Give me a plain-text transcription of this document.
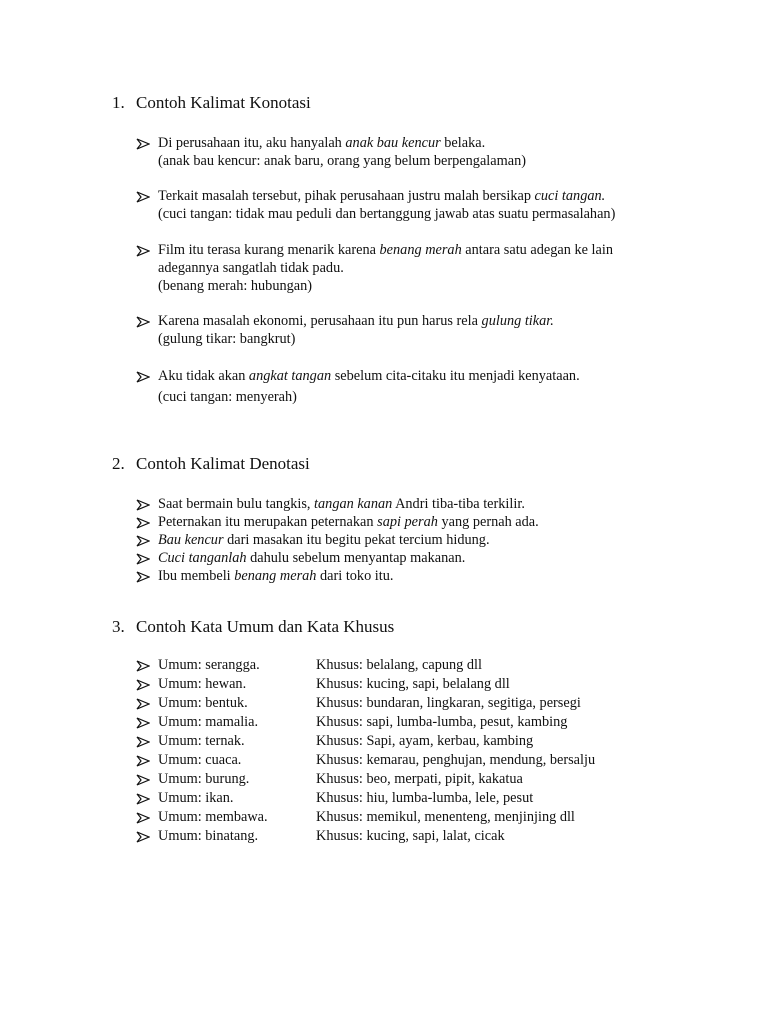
1. Contoh Kalimat Konotasi
Di perusahaan itu, aku hanyalah anak bau kencur belaka.
(anak bau kencur: anak baru, orang yang belum berpengalaman)
Terkait masalah tersebut, pihak perusahaan justru malah bersikap cuci tangan.
(cuci tangan: tidak mau peduli dan bertanggung jawab atas suatu permasalahan)
Film itu terasa kurang menarik karena benang merah antara satu adegan ke lain
adegannya sangatlah tidak padu.
(benang merah: hubungan)
Karena masalah ekonomi, perusahaan itu pun harus rela gulung tikar.
(gulung tikar: bangkrut)
Aku tidak akan angkat tangan sebelum cita-citaku itu menjadi kenyataan.
(cuci tangan: menyerah)
2. Contoh Kalimat Denotasi
Saat bermain bulu tangkis, tangan kanan Andri tiba-tiba terkilir.
Peternakan itu merupakan peternakan sapi perah yang pernah ada.
Bau kencur dari masakan itu begitu pekat tercium hidung.
Cuci tanganlah dahulu sebelum menyantap makanan.
Ibu membeli benang merah dari toko itu.
3. Contoh Kata Umum dan Kata Khusus
Umum: serangga.	Khusus: belalang, capung dll
Umum: hewan.	Khusus: kucing, sapi, belalang dll
Umum: bentuk.	Khusus: bundaran, lingkaran, segitiga, persegi
Umum: mamalia.	Khusus: sapi, lumba-lumba, pesut, kambing
Umum: ternak.	Khusus: Sapi, ayam, kerbau, kambing
Umum: cuaca.	Khusus: kemarau, penghujan, mendung, bersalju
Umum: burung.	Khusus: beo, merpati, pipit, kakatua
Umum: ikan.	Khusus: hiu, lumba-lumba, lele, pesut
Umum: membawa.	Khusus: memikul, menenteng, menjinjing dll
Umum: binatang.	Khusus: kucing, sapi, lalat, cicak
